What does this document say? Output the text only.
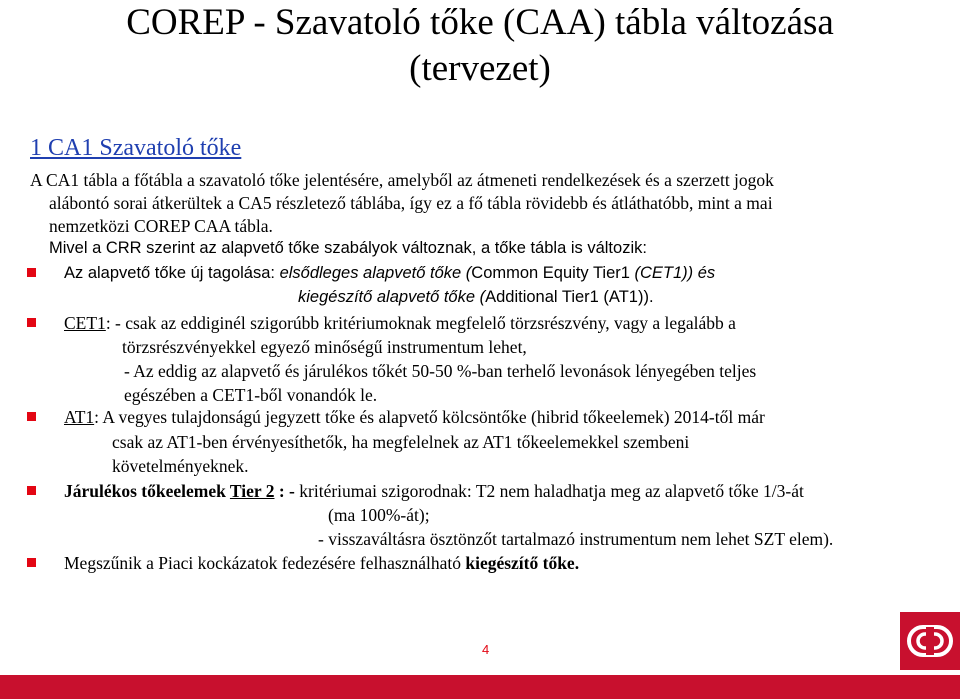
COREP - Szavatoló tőke (CAA) tábla változása
(tervezet)
1 CA1 Szavatoló tőke
A CA1 tábla a főtábla a szavatoló tőke jelentésére, amelyből az átmeneti rendelkezések és a szerzett jogok
alábontó sorai átkerültek a CA5 részletező táblába, így ez a fő tábla rövidebb és átláthatóbb, mint a mai
nemzetközi COREP CAA tábla.
Mivel a CRR szerint az alapvető tőke szabályok változnak, a tőke tábla is változik:
Az alapvető tőke új tagolása: elsődleges alapvető tőke (Common Equity Tier1 (CET1)) és
kiegészítő alapvető tőke (Additional Tier1 (AT1)).
CET1: - csak az eddiginél szigorúbb kritériumoknak megfelelő törzsrészvény, vagy a legalább a
törzsrészvényekkel egyező minőségű instrumentum lehet,
- Az eddig az alapvető és járulékos tőkét 50-50 %-ban terhelő levonások lényegében teljes
egészében a CET1-ből vonandók le.
AT1: A vegyes tulajdonságú jegyzett tőke és alapvető kölcsöntőke (hibrid tőkeelemek) 2014-től már
csak az AT1-ben érvényesíthetők, ha megfelelnek az AT1 tőkeelemekkel szembeni
követelményeknek.
Járulékos tőkeelemek Tier 2 : - kritériumai szigorodnak: T2 nem haladhatja meg az alapvető tőke 1/3-át
(ma 100%-át);
- visszaváltásra ösztönzőt tartalmazó instrumentum nem lehet SZT elem).
Megszűnik a Piaci kockázatok fedezésére felhasználható kiegészítő tőke.
4
